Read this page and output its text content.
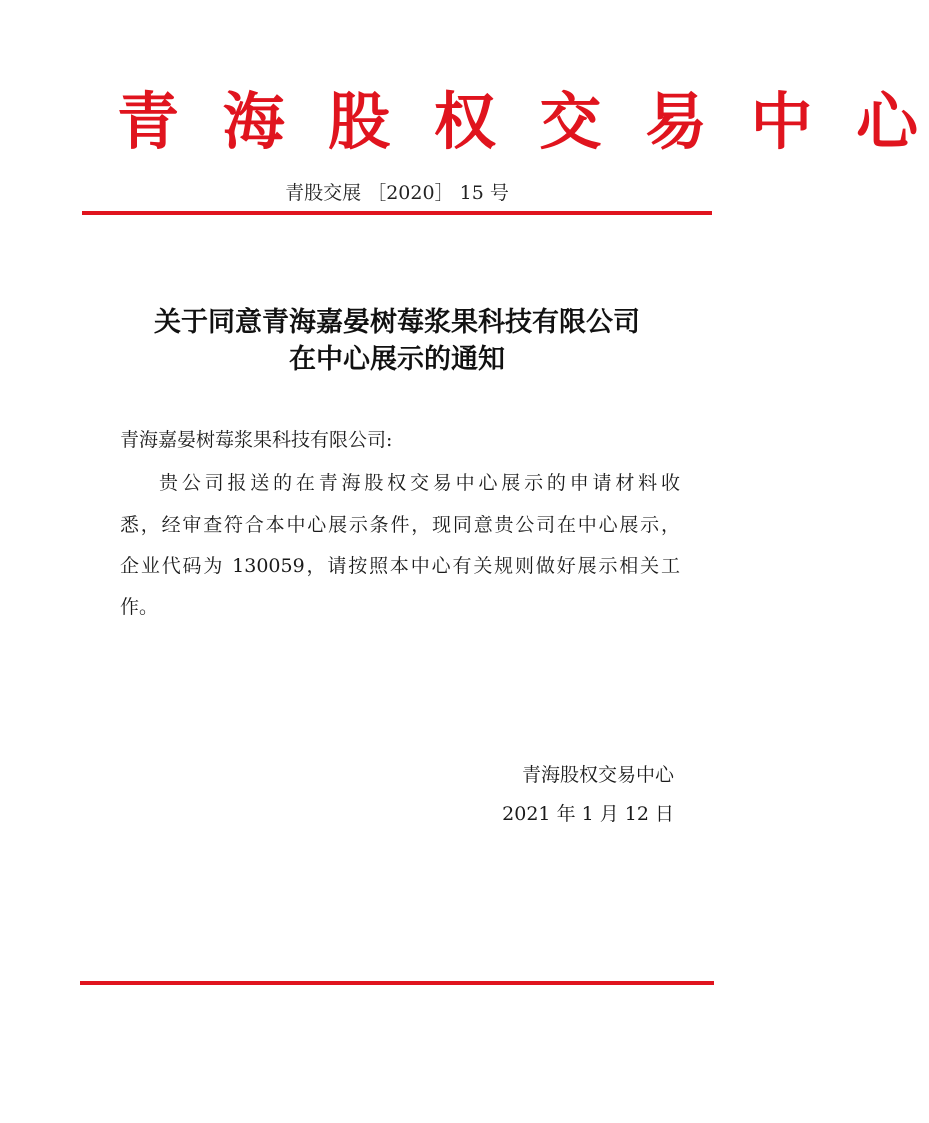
青 海 股 权 交 易 中 心
青股交展 ［2020］ 15 号
关于同意青海嘉晏树莓浆果科技有限公司
在中心展示的通知
青海嘉晏树莓浆果科技有限公司:
贵公司报送的在青海股权交易中心展示的申请材料收
悉，经审查符合本中心展示条件，现同意贵公司在中心展示，
企业代码为 130059，请按照本中心有关规则做好展示相关工
作。
青海股权交易中心
2021 年 1 月 12 日
